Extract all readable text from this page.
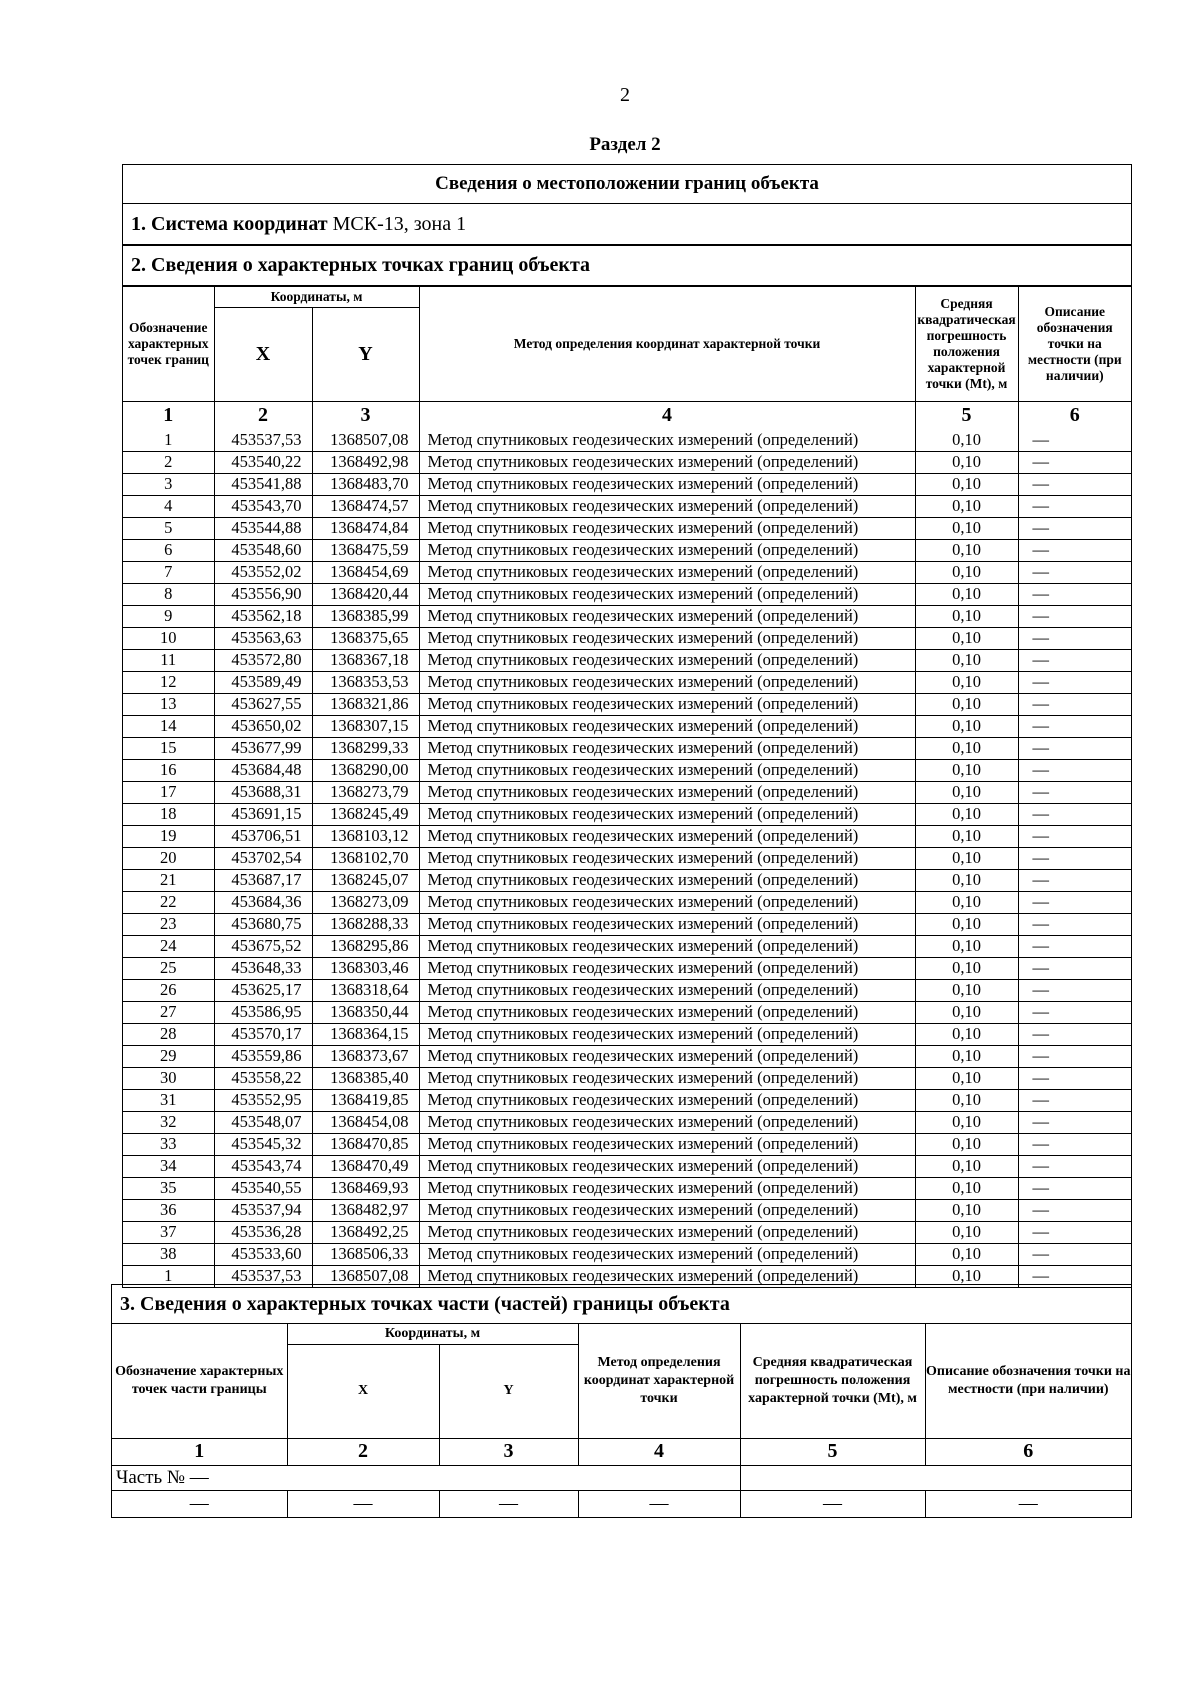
2
Раздел 2
Сведения о местоположении границ объекта
1. Система координат МСК-13, зона 1
2. Сведения о характерных точках границ объекта
Обозначение характерных точек границ	Координаты, м		Метод определения координат характерной точки	Средняя квадратическая погрешность положения характерной точки (Mt), м	Описание обозначения точки на местности (при наличии)
	X	Y			
1	2	3	4	5	6
1	453537,53	1368507,08	Метод спутниковых геодезических измерений (определений)	0,10	—
2	453540,22	1368492,98	Метод спутниковых геодезических измерений (определений)	0,10	—
3	453541,88	1368483,70	Метод спутниковых геодезических измерений (определений)	0,10	—
4	453543,70	1368474,57	Метод спутниковых геодезических измерений (определений)	0,10	—
5	453544,88	1368474,84	Метод спутниковых геодезических измерений (определений)	0,10	—
6	453548,60	1368475,59	Метод спутниковых геодезических измерений (определений)	0,10	—
7	453552,02	1368454,69	Метод спутниковых геодезических измерений (определений)	0,10	—
8	453556,90	1368420,44	Метод спутниковых геодезических измерений (определений)	0,10	—
9	453562,18	1368385,99	Метод спутниковых геодезических измерений (определений)	0,10	—
10	453563,63	1368375,65	Метод спутниковых геодезических измерений (определений)	0,10	—
11	453572,80	1368367,18	Метод спутниковых геодезических измерений (определений)	0,10	—
12	453589,49	1368353,53	Метод спутниковых геодезических измерений (определений)	0,10	—
13	453627,55	1368321,86	Метод спутниковых геодезических измерений (определений)	0,10	—
14	453650,02	1368307,15	Метод спутниковых геодезических измерений (определений)	0,10	—
15	453677,99	1368299,33	Метод спутниковых геодезических измерений (определений)	0,10	—
16	453684,48	1368290,00	Метод спутниковых геодезических измерений (определений)	0,10	—
17	453688,31	1368273,79	Метод спутниковых геодезических измерений (определений)	0,10	—
18	453691,15	1368245,49	Метод спутниковых геодезических измерений (определений)	0,10	—
19	453706,51	1368103,12	Метод спутниковых геодезических измерений (определений)	0,10	—
20	453702,54	1368102,70	Метод спутниковых геодезических измерений (определений)	0,10	—
21	453687,17	1368245,07	Метод спутниковых геодезических измерений (определений)	0,10	—
22	453684,36	1368273,09	Метод спутниковых геодезических измерений (определений)	0,10	—
23	453680,75	1368288,33	Метод спутниковых геодезических измерений (определений)	0,10	—
24	453675,52	1368295,86	Метод спутниковых геодезических измерений (определений)	0,10	—
25	453648,33	1368303,46	Метод спутниковых геодезических измерений (определений)	0,10	—
26	453625,17	1368318,64	Метод спутниковых геодезических измерений (определений)	0,10	—
27	453586,95	1368350,44	Метод спутниковых геодезических измерений (определений)	0,10	—
28	453570,17	1368364,15	Метод спутниковых геодезических измерений (определений)	0,10	—
29	453559,86	1368373,67	Метод спутниковых геодезических измерений (определений)	0,10	—
30	453558,22	1368385,40	Метод спутниковых геодезических измерений (определений)	0,10	—
31	453552,95	1368419,85	Метод спутниковых геодезических измерений (определений)	0,10	—
32	453548,07	1368454,08	Метод спутниковых геодезических измерений (определений)	0,10	—
33	453545,32	1368470,85	Метод спутниковых геодезических измерений (определений)	0,10	—
34	453543,74	1368470,49	Метод спутниковых геодезических измерений (определений)	0,10	—
35	453540,55	1368469,93	Метод спутниковых геодезических измерений (определений)	0,10	—
36	453537,94	1368482,97	Метод спутниковых геодезических измерений (определений)	0,10	—
37	453536,28	1368492,25	Метод спутниковых геодезических измерений (определений)	0,10	—
38	453533,60	1368506,33	Метод спутниковых геодезических измерений (определений)	0,10	—
1	453537,53	1368507,08	Метод спутниковых геодезических измерений (определений)	0,10	—
3. Сведения о характерных точках части (частей) границы объекта
Обозначение характерных точек части границы	Координаты, м		Метод определения координат характерной точки	Средняя квадратическая погрешность положения характерной точки (Mt), м	Описание обозначения точки на местности (при наличии)
	X	Y			
1	2	3	4	5	6
Часть № —					
—	—	—	—	—	—
